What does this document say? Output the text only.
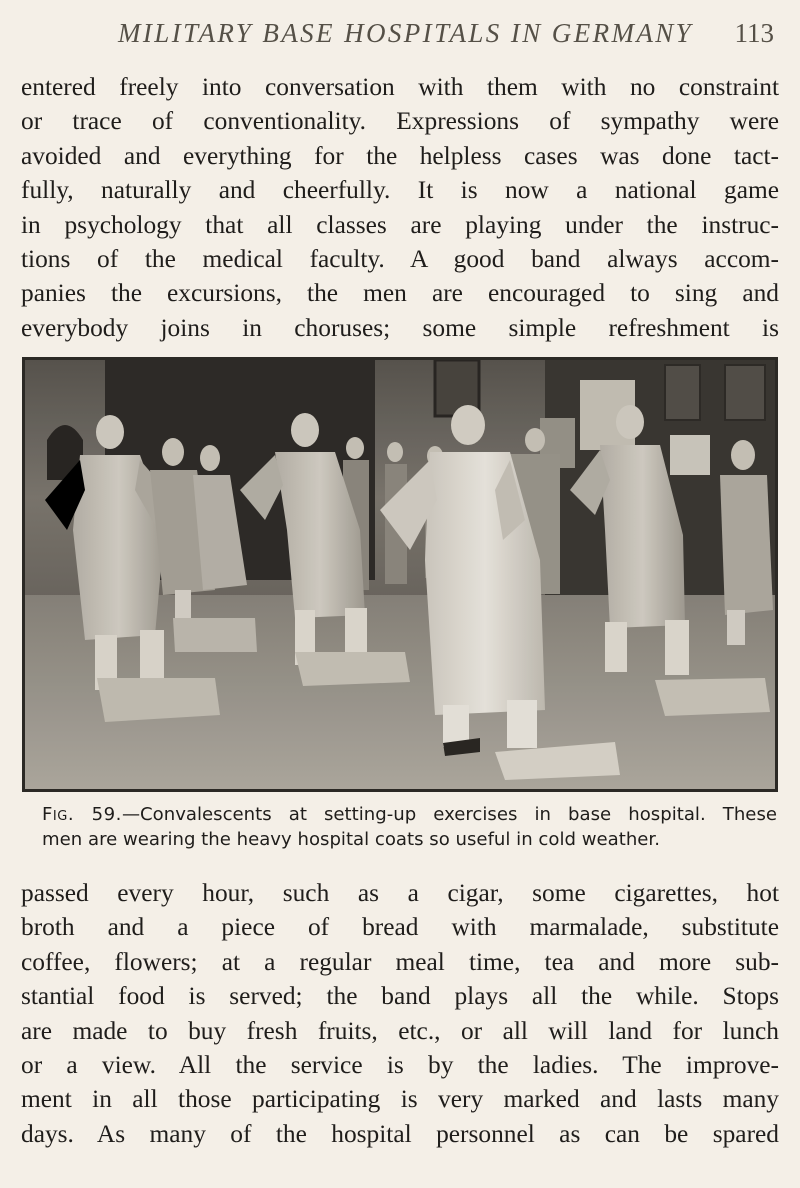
MILITARY BASE HOSPITALS IN GERMANY 113
entered freely into conversation with them with no constraint
or trace of conventionality. Expressions of sympathy were
avoided and everything for the helpless cases was done tact-
fully, naturally and cheerfully. It is now a national game
in psychology that all classes are playing under the instruc-
tions of the medical faculty. A good band always accom-
panies the excursions, the men are encouraged to sing and
everybody joins in choruses; some simple refreshment is
Fig. 59.—Convalescents at setting-up exercises in base hospital. These
men are wearing the heavy hospital coats so useful in cold weather.
passed every hour, such as a cigar, some cigarettes, hot
broth and a piece of bread with marmalade, substitute
coffee, flowers; at a regular meal time, tea and more sub-
stantial food is served; the band plays all the while. Stops
are made to buy fresh fruits, etc., or all will land for lunch
or a view. All the service is by the ladies. The improve-
ment in all those participating is very marked and lasts many
days. As many of the hospital personnel as can be spared
